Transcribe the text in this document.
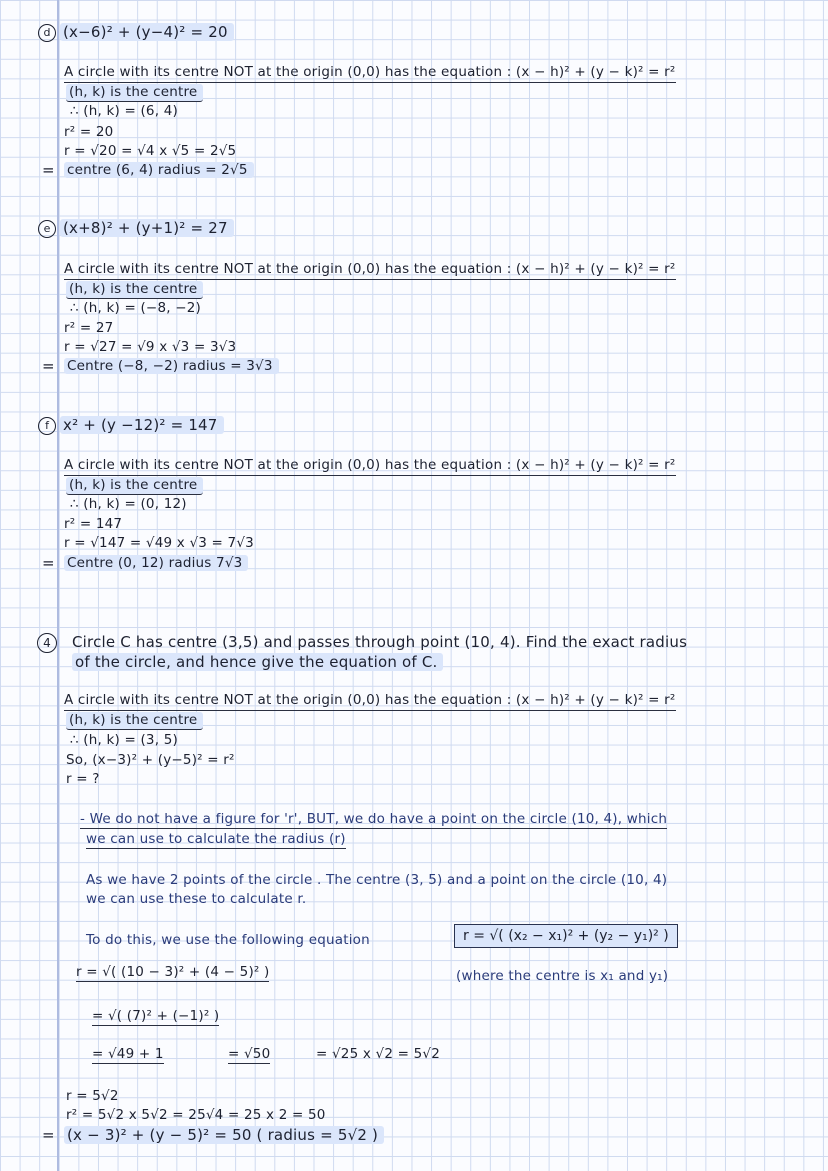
d (x−6)² + (y−4)² = 20
A circle with its centre NOT at the origin (0,0) has the equation : (x − h)² + (y − k)² = r²
(h, k) is the centre
∴ (h, k) = (6, 4)
r² = 20
r = √20 = √4 x √5 = 2√5
= centre (6, 4) radius = 2√5
e (x+8)² + (y+1)² = 27
A circle with its centre NOT at the origin (0,0) has the equation : (x − h)² + (y − k)² = r²
(h, k) is the centre
∴ (h, k) = (−8, −2)
r² = 27
r = √27 = √9 x √3 = 3√3
= Centre (−8, −2) radius = 3√3
f x² + (y −12)² = 147
A circle with its centre NOT at the origin (0,0) has the equation : (x − h)² + (y − k)² = r²
(h, k) is the centre
∴ (h, k) = (0, 12)
r² = 147
r = √147 = √49 x √3 = 7√3
= Centre (0, 12) radius 7√3
4	Circle C has centre (3,5) and passes through point (10, 4). Find the exact radius
of the circle, and hence give the equation of C.
A circle with its centre NOT at the origin (0,0) has the equation : (x − h)² + (y − k)² = r²
(h, k) is the centre
∴ (h, k) = (3, 5)
So, (x−3)² + (y−5)² = r²
r = ?
- We do not have a figure for 'r', BUT, we do have a point on the circle (10, 4), which
we can use to calculate the radius (r)
As we have 2 points of the circle . The centre (3, 5) and a point on the circle (10, 4)
we can use these to calculate r.
To do this, we use the following equation	r = √( (x₂ − x₁)² + (y₂ − y₁)² )
(where the centre is x₁ and y₁)
r = √( (10 − 3)² + (4 − 5)² )
= √( (7)² + (−1)² )
= √49 + 1	= √50	= √25 x √2 = 5√2
r = 5√2
r² = 5√2 x 5√2 = 25√4 = 25 x 2 = 50
= (x − 3)² + (y − 5)² = 50 ( radius = 5√2 )
